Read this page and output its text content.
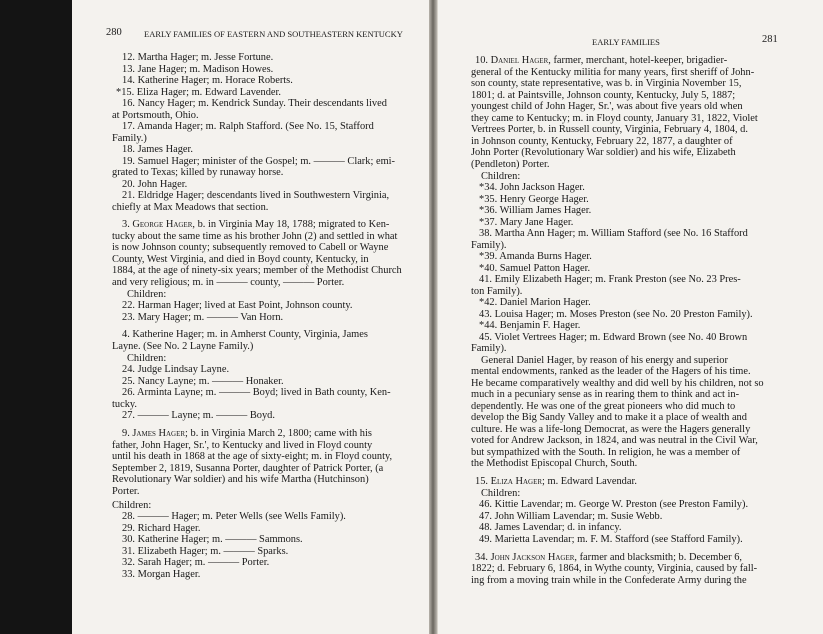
280	EARLY FAMILIES OF EASTERN AND SOUTHEASTERN KENTUCKY
12. Martha Hager; m. Jesse Fortune.
13. Jane Hager; m. Madison Howes.
14. Katherine Hager; m. Horace Roberts.
*15. Eliza Hager; m. Edward Lavender.
16. Nancy Hager; m. Kendrick Sunday. Their descendants lived
at Portsmouth, Ohio.
17. Amanda Hager; m. Ralph Stafford. (See No. 15, Stafford
Family.)
18. James Hager.
19. Samuel Hager; minister of the Gospel; m. ——— Clark; emi-
grated to Texas; killed by runaway horse.
20. John Hager.
21. Eldridge Hager; descendants lived in Southwestern Virginia,
chiefly at Max Meadows that section.
3. George Hager, b. in Virginia May 18, 1788; migrated to Ken-
tucky about the same time as his brother John (2) and settled in what
is now Johnson county; subsequently removed to Cabell or Wayne
County, West Virginia, and died in Boyd county, Kentucky, in
1884, at the age of ninety-six years; member of the Methodist Church
and very religious; m. in ——— county, ——— Porter.
Children:
22. Harman Hager; lived at East Point, Johnson county.
23. Mary Hager; m. ——— Van Horn.
4. Katherine Hager; m. in Amherst County, Virginia, James
Layne. (See No. 2 Layne Family.)
Children:
24. Judge Lindsay Layne.
25. Nancy Layne; m. ——— Honaker.
26. Arminta Layne; m. ——— Boyd; lived in Bath county, Ken-
tucky.
27. ——— Layne; m. ——— Boyd.
9. James Hager; b. in Virginia March 2, 1800; came with his
father, John Hager, Sr.', to Kentucky and lived in Floyd county
until his death in 1868 at the age of sixty-eight; m. in Floyd county,
September 2, 1819, Susanna Porter, daughter of Patrick Porter, (a
Revolutionary War soldier) and his wife Martha (Hutchinson)
Porter.
Children:
28. ——— Hager; m. Peter Wells (see Wells Family).
29. Richard Hager.
30. Katherine Hager; m. ——— Sammons.
31. Elizabeth Hager; m. ——— Sparks.
32. Sarah Hager; m. ——— Porter.
33. Morgan Hager.
EARLY FAMILIES	281
10. Daniel Hager, farmer, merchant, hotel-keeper, brigadier-
general of the Kentucky militia for many years, first sheriff of John-
son county, state representative, was b. in Virginia November 15,
1801; d. at Paintsville, Johnson county, Kentucky, July 5, 1887;
youngest child of John Hager, Sr.', was about five years old when
they came to Kentucky; m. in Floyd county, January 31, 1822, Violet
Vertrees Porter, b. in Russell county, Virginia, February 4, 1804, d.
in Johnson county, Kentucky, February 22, 1877, a daughter of
John Porter (Revolutionary War soldier) and his wife, Elizabeth
(Pendleton) Porter.
Children:
*34. John Jackson Hager.
*35. Henry George Hager.
*36. William James Hager.
*37. Mary Jane Hager.
38. Martha Ann Hager; m. William Stafford (see No. 16 Stafford
Family).
*39. Amanda Burns Hager.
*40. Samuel Patton Hager.
41. Emily Elizabeth Hager; m. Frank Preston (see No. 23 Pres-
ton Family).
*42. Daniel Marion Hager.
43. Louisa Hager; m. Moses Preston (see No. 20 Preston Family).
*44. Benjamin F. Hager.
45. Violet Vertrees Hager; m. Edward Brown (see No. 40 Brown
Family).
General Daniel Hager, by reason of his energy and superior
mental endowments, ranked as the leader of the Hagers of his time.
He became comparatively wealthy and did well by his children, not so
much in a pecuniary sense as in rearing them to think and act in-
dependently. He was one of the great pioneers who did much to
develop the Big Sandy Valley and to make it a place of wealth and
culture. He was a life-long Democrat, as were the Hagers generally
voted for Andrew Jackson, in 1824, and was neutral in the Civil War,
but sympathized with the South. In religion, he was a member of
the Methodist Episcopal Church, South.
15. Eliza Hager; m. Edward Lavendar.
Children:
46. Kittie Lavendar; m. George W. Preston (see Preston Family).
47. John William Lavendar; m. Susie Webb.
48. James Lavendar; d. in infancy.
49. Marietta Lavendar; m. F. M. Stafford (see Stafford Family).
34. John Jackson Hager, farmer and blacksmith; b. December 6,
1822; d. February 6, 1864, in Wythe county, Virginia, caused by fall-
ing from a moving train while in the Confederate Army during the
